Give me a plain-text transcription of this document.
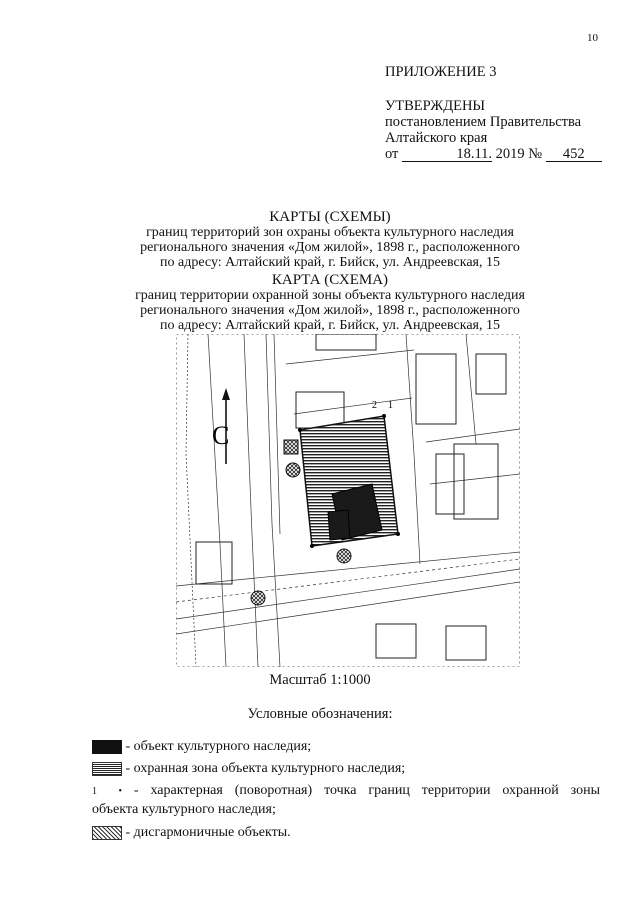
10
ПРИЛОЖЕНИЕ 3
УТВЕРЖДЕНЫ
постановлением Правительства
Алтайского края
от	18.11. 2019 № 452
КАРТЫ (СХЕМЫ)
границ территорий зон охраны объекта культурного наследия
регионального значения «Дом жилой», 1898 г., расположенного
по адресу: Алтайский край, г. Бийск, ул. Андреевская, 15
КАРТА (СХЕМА)
границ территории охранной зоны объекта культурного наследия
регионального значения «Дом жилой», 1898 г., расположенного
по адресу: Алтайский край, г. Бийск, ул. Андреевская, 15
2 1
С
Масштаб 1:1000
Условные обозначения:
- объект культурного наследия;
- охранная зона объекта культурного наследия;
1 • - характерная (поворотная) точка границ территории охранной зоны
объекта культурного наследия;
- дисгармоничные объекты.
